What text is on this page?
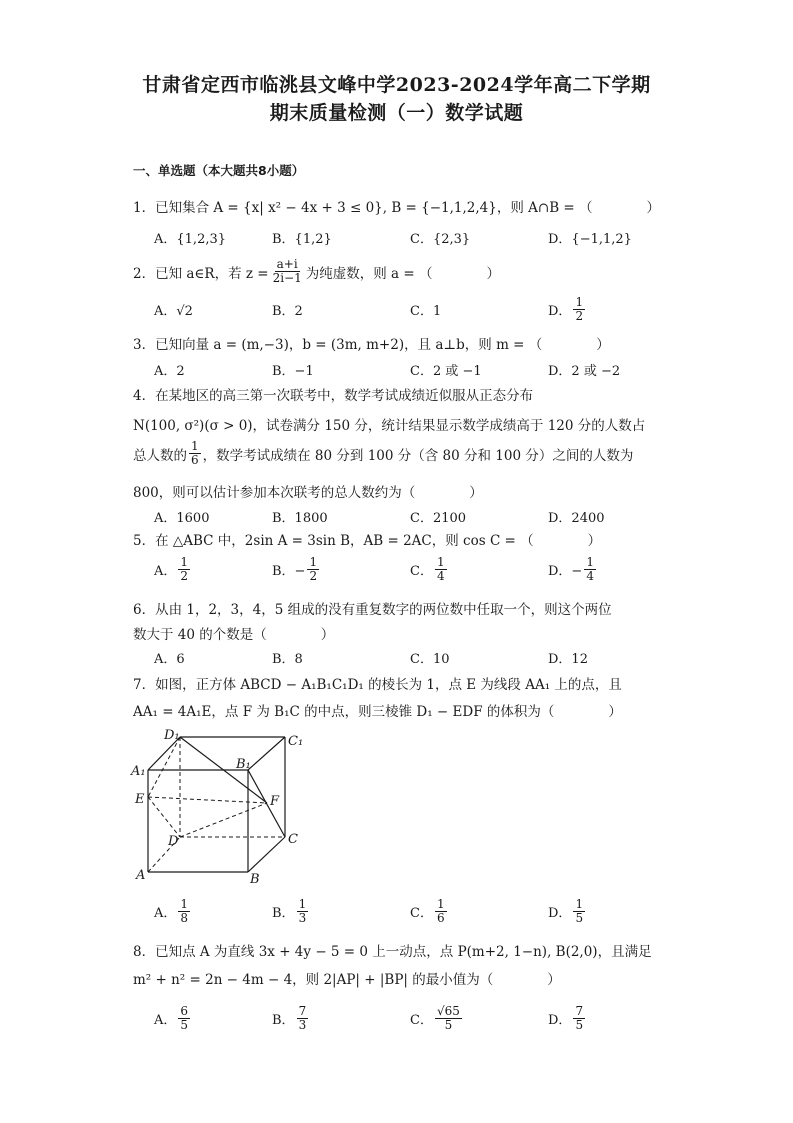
甘肃省定西市临洮县文峰中学2023-2024学年高二下学期
期末质量检测（一）数学试题
一、单选题（本大题共8小题）
1．已知集合 A = {x| x² − 4x + 3 ≤ 0}, B = {−1,1,2,4}，则 A∩B = （　　　　）
A．{1,2,3}	B．{1,2}	C．{2,3}	D．{−1,1,2}
2．已知 a∈R，若 $z = \frac{a+i}{2i-1}$ 为纯虚数，则 a = （　　　　）
A．√2	B．2	C．1	D． $\frac{1}{2}$
3．已知向量 a = (m,−3)，b = (3m, m+2)，且 a⊥b，则 m = （　　　　）
A．2	B．−1	C．2 或 −1	D．2 或 −2
4．在某地区的高三第一次联考中，数学考试成绩近似服从正态分布
N(100, σ²)(σ > 0)，试卷满分 150 分，统计结果显示数学成绩高于 120 分的人数占
总人数的 $\frac{1}{6}$ ，数学考试成绩在 80 分到 100 分（含 80 分和 100 分）之间的人数为
800，则可以估计参加本次联考的总人数约为（　　　　）
A．1600	B．1800	C．2100	D．2400
5．在 △ABC 中，2sin A = 3sin B，AB = 2AC，则 cos C = （　　　　）
A． $\frac{1}{2}$	B．− $\frac{1}{2}$	C． $\frac{1}{4}$	D．− $\frac{1}{4}$
6．从由 1，2，3，4，5 组成的没有重复数字的两位数中任取一个，则这个两位
数大于 40 的个数是（　　　　）
A．6	B．8	C．10	D．12
7．如图，正方体 ABCD − A₁B₁C₁D₁ 的棱长为 1，点 E 为线段 AA₁ 上的点，且
AA₁ = 4A₁E，点 F 为 B₁C 的中点，则三棱锥 D₁ − EDF 的体积为（　　　　）
D₁	C₁
A₁	B₁
E	F
D	C
A	B
A． $\frac{1}{8}$	B． $\frac{1}{3}$	C． $\frac{1}{6}$	D． $\frac{1}{5}$
8．已知点 A 为直线 3x + 4y − 5 = 0 上一动点，点 P(m+2, 1−n), B(2,0)，且满足
m² + n² = 2n − 4m − 4，则 2|AP| + |BP| 的最小值为（　　　　）
A． $\frac{6}{5}$	B． $\frac{7}{3}$	C． $\frac{√65}{5}$	D． $\frac{7}{5}$
